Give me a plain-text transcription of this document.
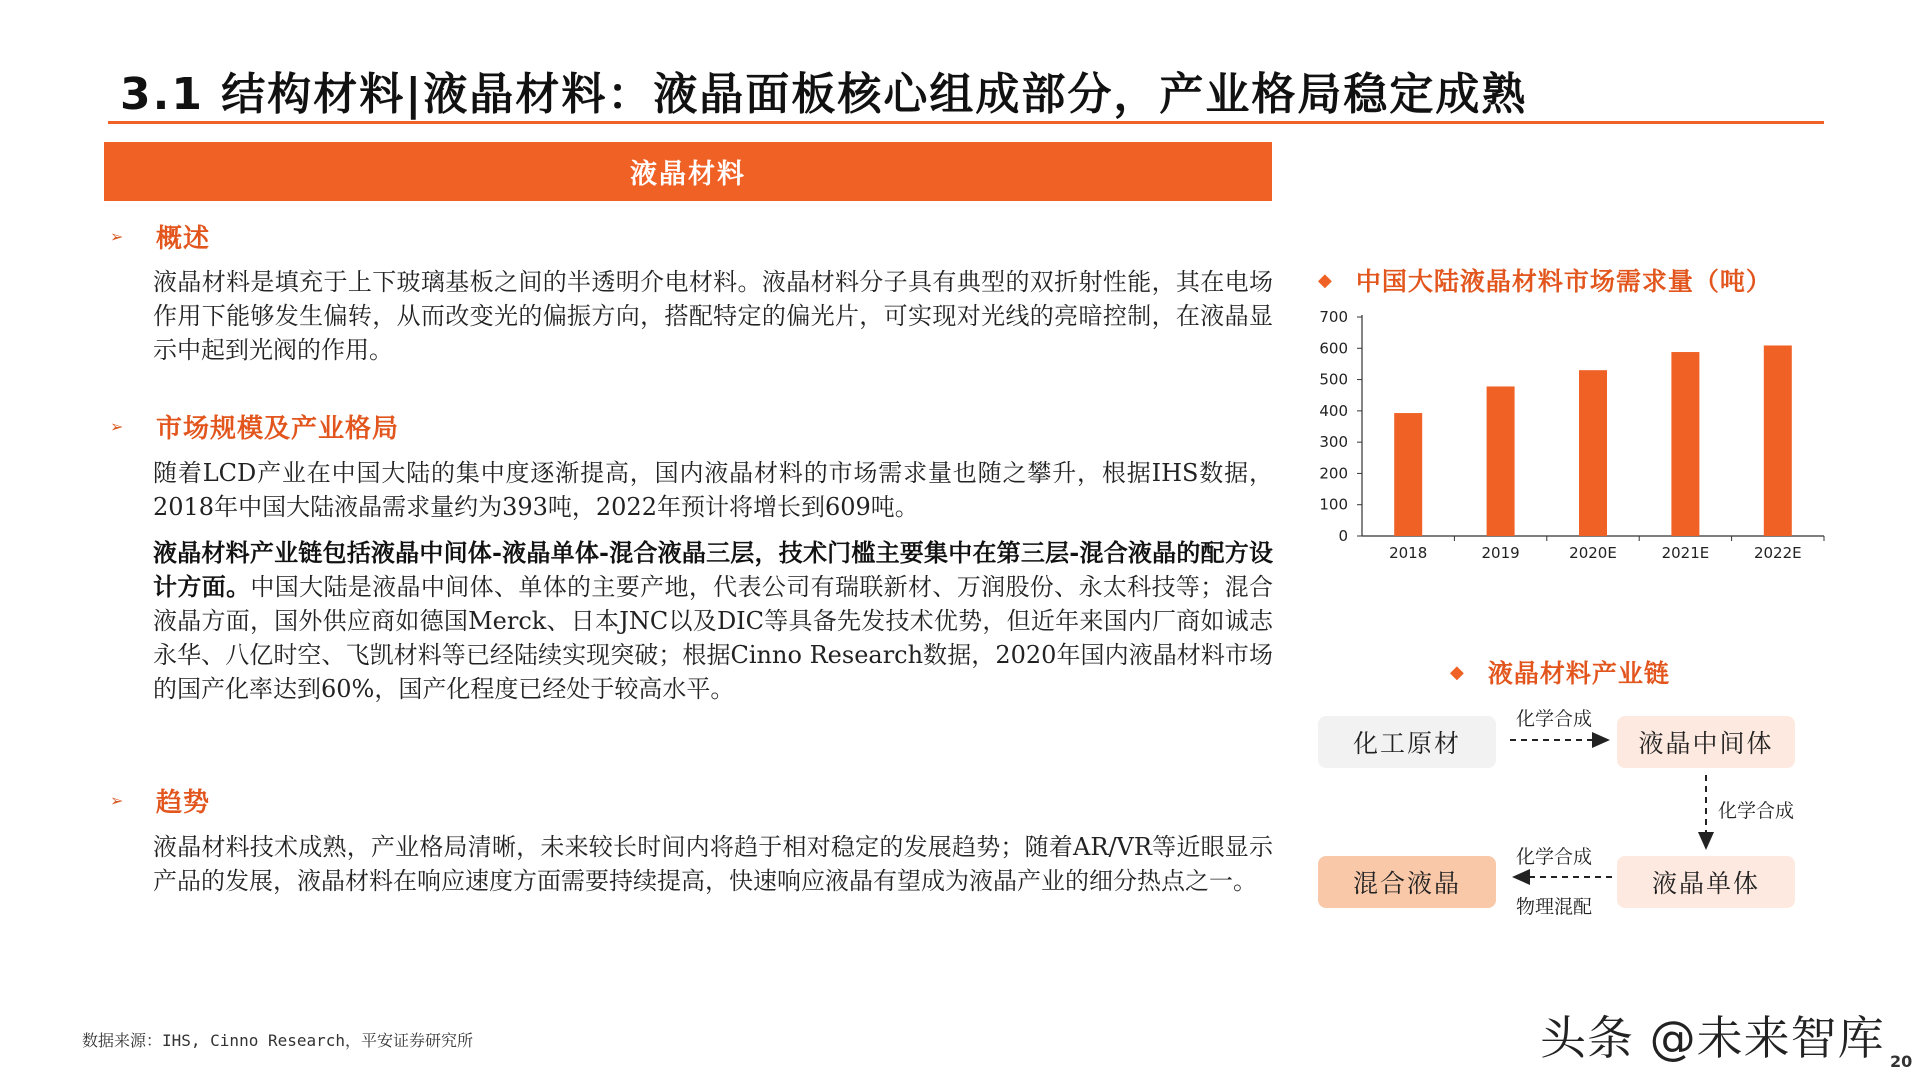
3.1 结构材料|液晶材料：液晶面板核心组成部分，产业格局稳定成熟
液晶材料
➢	概述
液晶材料是填充于上下玻璃基板之间的半透明介电材料。液晶材料分子具有典型的双折射性能，其在电场作用下能够发生偏转，从而改变光的偏振方向，搭配特定的偏光片，可实现对光线的亮暗控制，在液晶显示中起到光阀的作用。
➢	市场规模及产业格局
随着LCD产业在中国大陆的集中度逐渐提高，国内液晶材料的市场需求量也随之攀升，根据IHS数据，2018年中国大陆液晶需求量约为393吨，2022年预计将增长到609吨。
液晶材料产业链包括液晶中间体-液晶单体-混合液晶三层，技术门槛主要集中在第三层-混合液晶的配方设计方面。中国大陆是液晶中间体、单体的主要产地，代表公司有瑞联新材、万润股份、永太科技等；混合液晶方面，国外供应商如德国Merck、日本JNC以及DIC等具备先发技术优势，但近年来国内厂商如诚志永华、八亿时空、飞凯材料等已经陆续实现突破；根据Cinno Research数据，2020年国内液晶材料市场的国产化率达到60%，国产化程度已经处于较高水平。
➢	趋势
液晶材料技术成熟，产业格局清晰，未来较长时间内将趋于相对稳定的发展趋势；随着AR/VR等近眼显示产品的发展，液晶材料在响应速度方面需要持续提高，快速响应液晶有望成为液晶产业的细分热点之一。
◆ 中国大陆液晶材料市场需求量（吨）
0
100
200
300
400
500
600
700
2018	2019	2020E	2021E	2022E
◆ 液晶材料产业链
化工原材	液晶中间体
液晶单体
混合液晶
化学合成
化学合成
化学合成
物理混配
数据来源：IHS, Cinno Research，平安证券研究所	头条 @未来智库 20
